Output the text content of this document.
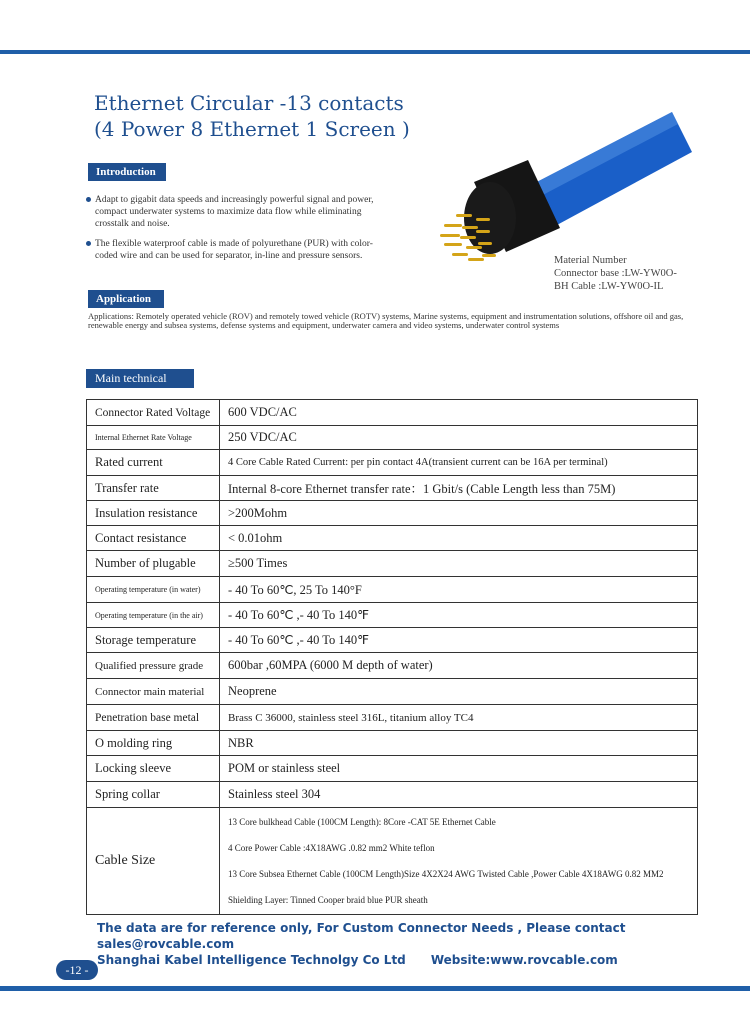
Ethernet Circular -13 contacts
(4 Power 8 Ethernet 1 Screen )
Introduction
Adapt to gigabit data speeds and increasingly powerful signal and power, compact underwater systems to maximize data flow while eliminating crosstalk and noise.
The flexible waterproof cable is made of polyurethane (PUR) with color-coded wire and can be used for separator, in-line and pressure sensors.	Material Number
Connector base :LW-YW0O-
BH Cable :LW-YW0O-IL
Application
Applications: Remotely operated vehicle (ROV) and remotely towed vehicle (ROTV) systems, Marine systems, equipment and instrumentation solutions, offshore oil and gas, renewable energy and subsea systems, defense systems and equipment, underwater camera and video systems, underwater control systems
Main technical
Connector Rated Voltage	600 VDC/AC
Internal Ethernet Rate Voltage	250 VDC/AC
Rated current	4 Core Cable Rated Current: per pin contact 4A(transient current can be 16A per terminal)
Transfer rate	Internal 8-core Ethernet transfer rate：1 Gbit/s (Cable Length less than 75M)
Insulation resistance	>200Mohm
Contact resistance	< 0.01ohm
Number of plugable	≥500 Times
Operating temperature (in water)	- 40 To 60℃, 25 To 140°F
Operating temperature (in the air)	- 40 To 60℃ ,- 40 To 140℉
Storage temperature	- 40 To 60℃ ,- 40 To 140℉
Qualified pressure grade	600bar ,60MPA (6000 M depth of water)
Connector main material	Neoprene
Penetration base metal	Brass C 36000, stainless steel 316L, titanium alloy TC4
O molding ring	NBR
Locking sleeve	POM or stainless steel
Spring collar	Stainless steel 304
Cable Size	13 Core bulkhead Cable (100CM Length): 8Core -CAT 5E Ethernet Cable
4 Core Power Cable :4X18AWG .0.82 mm2 White teflon
13 Core Subsea Ethernet Cable (100CM Length)Size 4X2X24 AWG Twisted Cable ,Power Cable 4X18AWG 0.82 MM2
Shielding Layer: Tinned Cooper braid blue PUR sheath
The data are for reference only, For Custom Connector Needs , Please contact sales@rovcable.com
Shanghai Kabel Intelligence Technolgy Co Ltd      Website:www.rovcable.com
-12 -
